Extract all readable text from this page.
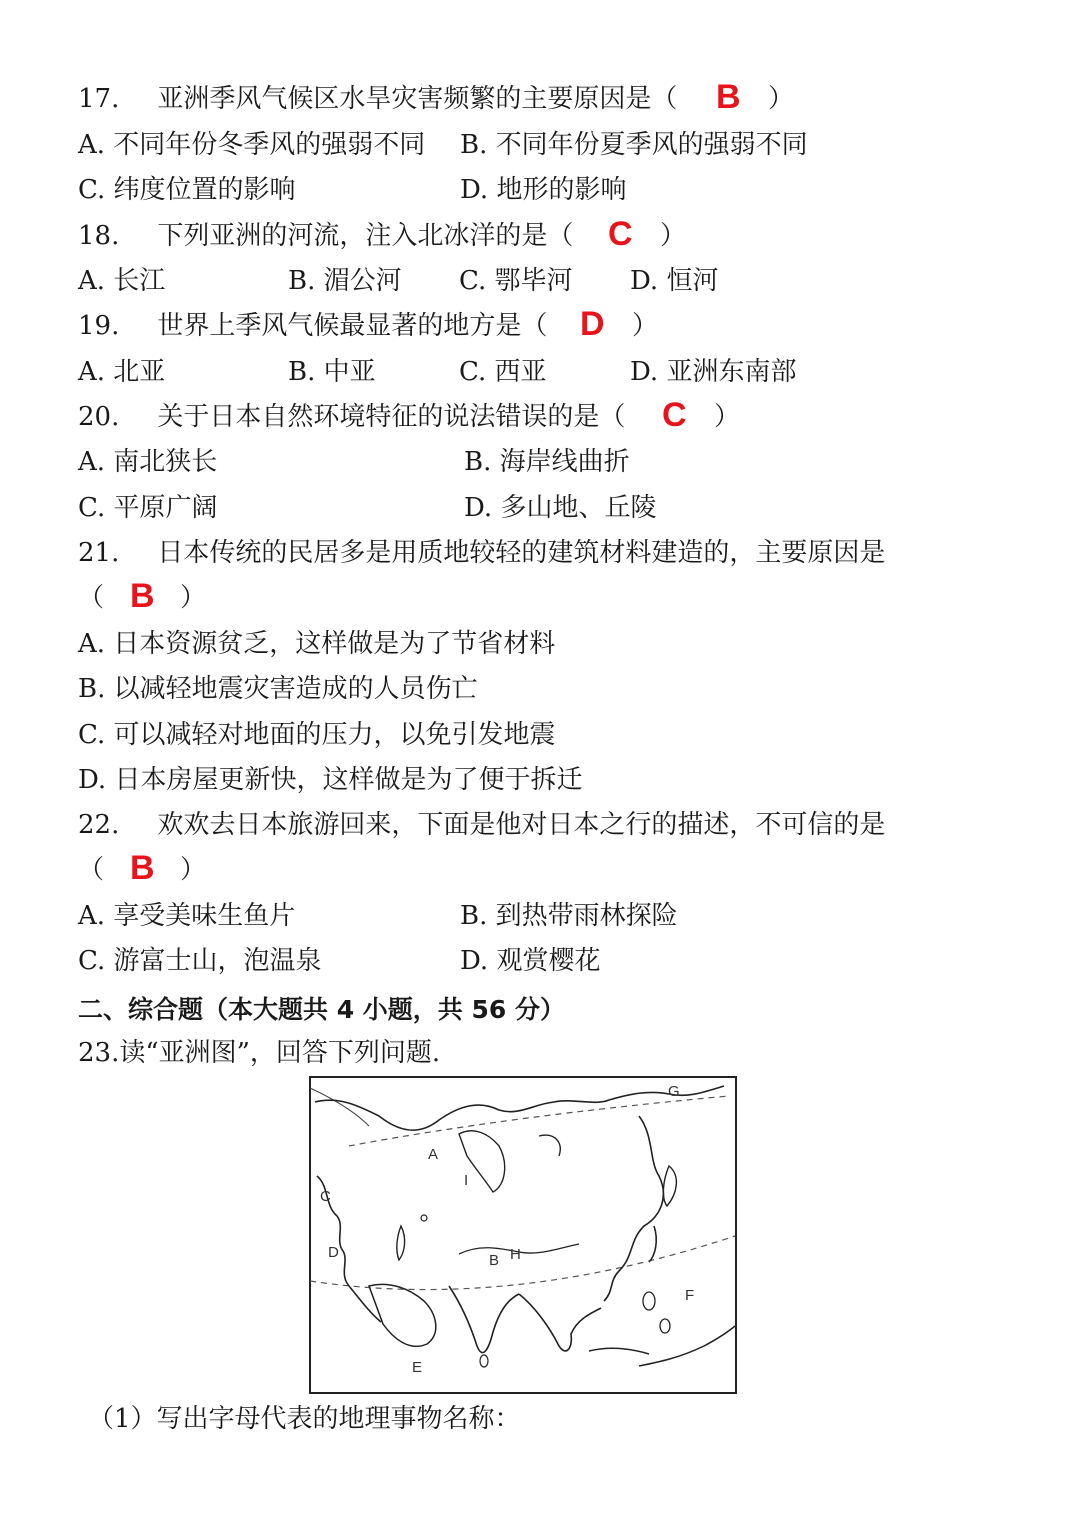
17. 亚洲季风气候区水旱灾害频繁的主要原因是（ B ）
A. 不同年份冬季风的强弱不同 B. 不同年份夏季风的强弱不同
C. 纬度位置的影响	D. 地形的影响
18. 下列亚洲的河流，注入北冰洋的是（ C ）
A. 长江	B. 湄公河 C. 鄂毕河 D. 恒河
19. 世界上季风气候最显著的地方是（ D ）
A. 北亚	B. 中亚	C. 西亚	D. 亚洲东南部
20. 关于日本自然环境特征的说法错误的是（ C ）
A. 南北狭长	B. 海岸线曲折
C. 平原广阔	D. 多山地、丘陵
21. 日本传统的民居多是用质地较轻的建筑材料建造的，主要原因是
（ B ）
A. 日本资源贫乏，这样做是为了节省材料
B. 以减轻地震灾害造成的人员伤亡
C. 可以减轻对地面的压力，以免引发地震
D. 日本房屋更新快，这样做是为了便于拆迁
22. 欢欢去日本旅游回来，下面是他对日本之行的描述，不可信的是
（ B ）
A. 享受美味生鱼片	B. 到热带雨林探险
C. 游富士山，泡温泉	D. 观赏樱花
二、综合题（本大题共 4 小题，共 56 分）
23.读“亚洲图”，回答下列问题.
A
B
C
D
E
F
G
H
I
（1）写出字母代表的地理事物名称：
